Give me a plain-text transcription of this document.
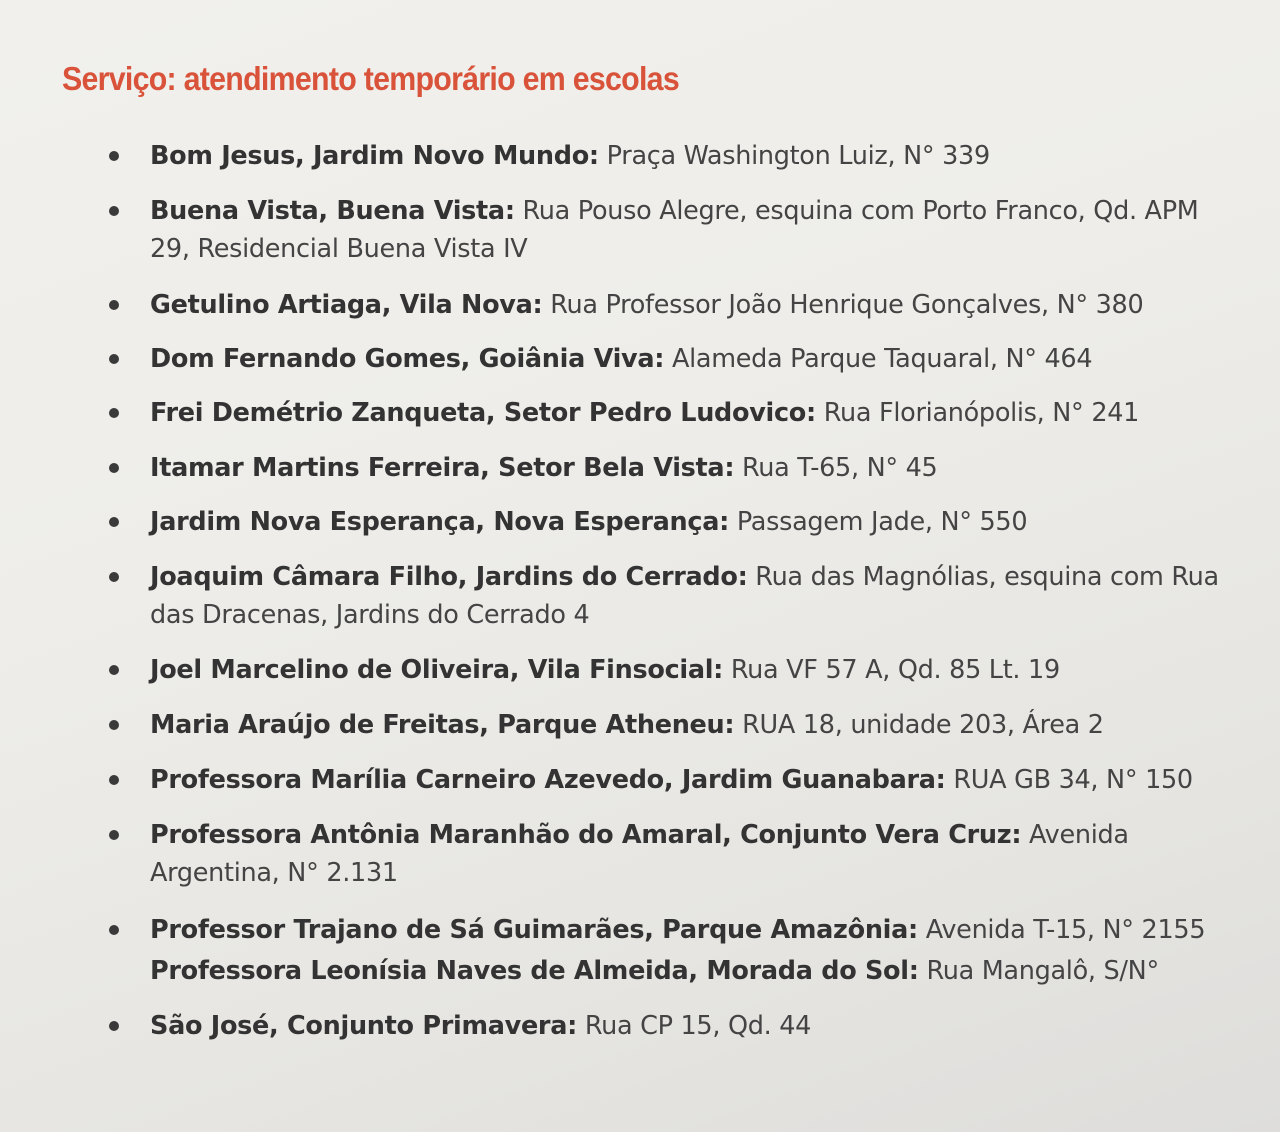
Serviço: atendimento temporário em escolas
Bom Jesus, Jardim Novo Mundo: Praça Washington Luiz, N° 339
Buena Vista, Buena Vista: Rua Pouso Alegre, esquina com Porto Franco, Qd. APM 29, Residencial Buena Vista IV
Getulino Artiaga, Vila Nova: Rua Professor João Henrique Gonçalves, N° 380
Dom Fernando Gomes, Goiânia Viva: Alameda Parque Taquaral, N° 464
Frei Demétrio Zanqueta, Setor Pedro Ludovico: Rua Florianópolis, N° 241
Itamar Martins Ferreira, Setor Bela Vista: Rua T-65, N° 45
Jardim Nova Esperança, Nova Esperança: Passagem Jade, N° 550
Joaquim Câmara Filho, Jardins do Cerrado: Rua das Magnólias, esquina com Rua das Dracenas, Jardins do Cerrado 4
Joel Marcelino de Oliveira, Vila Finsocial: Rua VF 57 A, Qd. 85 Lt. 19
Maria Araújo de Freitas, Parque Atheneu: RUA 18, unidade 203, Área 2
Professora Marília Carneiro Azevedo, Jardim Guanabara: RUA GB 34, N° 150
Professora Antônia Maranhão do Amaral, Conjunto Vera Cruz: Avenida Argentina, N° 2.131
Professor Trajano de Sá Guimarães, Parque Amazônia: Avenida T-15, N° 2155
Professora Leonísia Naves de Almeida, Morada do Sol: Rua Mangalô, S/N°
São José, Conjunto Primavera: Rua CP 15, Qd. 44
